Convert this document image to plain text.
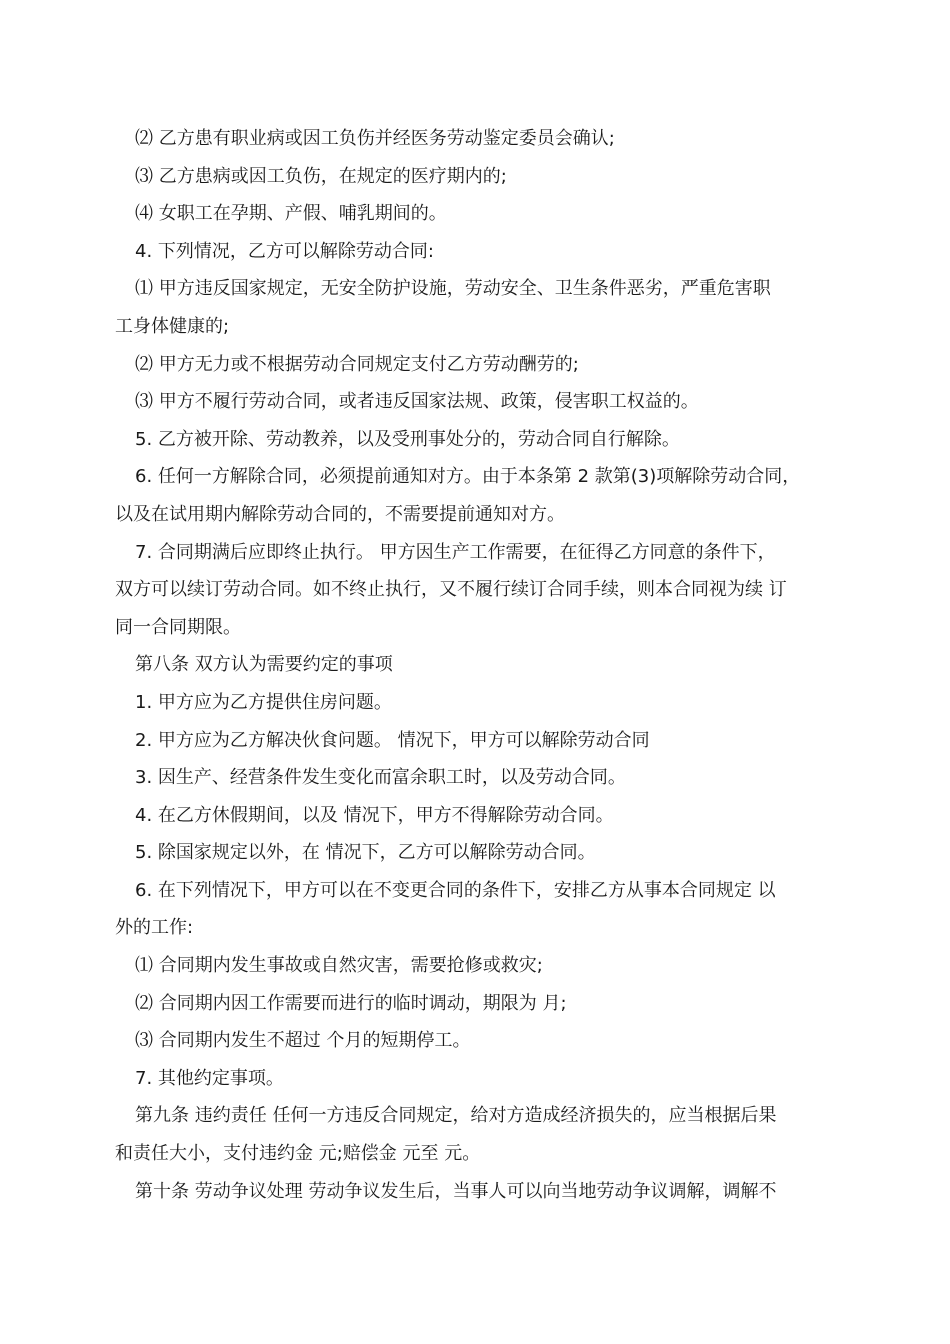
⑵ 乙方患有职业病或因工负伤并经医务劳动鉴定委员会确认;
⑶ 乙方患病或因工负伤，在规定的医疗期内的;
⑷ 女职工在孕期、产假、哺乳期间的。
4. 下列情况，乙方可以解除劳动合同:
⑴ 甲方违反国家规定，无安全防护设施，劳动安全、卫生条件恶劣，严重危害职
工身体健康的;
⑵ 甲方无力或不根据劳动合同规定支付乙方劳动酬劳的;
⑶ 甲方不履行劳动合同，或者违反国家法规、政策，侵害职工权益的。
5. 乙方被开除、劳动教养，以及受刑事处分的，劳动合同自行解除。
6. 任何一方解除合同，必须提前通知对方。由于本条第 2 款第(3)项解除劳动合同，
以及在试用期内解除劳动合同的，不需要提前通知对方。
7. 合同期满后应即终止执行。 甲方因生产工作需要，在征得乙方同意的条件下，
双方可以续订劳动合同。如不终止执行，又不履行续订合同手续，则本合同视为续 订
同一合同期限。
第八条 双方认为需要约定的事项
1. 甲方应为乙方提供住房问题。
2. 甲方应为乙方解决伙食问题。 情况下，甲方可以解除劳动合同
3. 因生产、经营条件发生变化而富余职工时，以及劳动合同。
4. 在乙方休假期间，以及 情况下，甲方不得解除劳动合同。
5. 除国家规定以外，在 情况下，乙方可以解除劳动合同。
6. 在下列情况下，甲方可以在不变更合同的条件下，安排乙方从事本合同规定 以
外的工作:
⑴ 合同期内发生事故或自然灾害，需要抢修或救灾;
⑵ 合同期内因工作需要而进行的临时调动，期限为 月;
⑶ 合同期内发生不超过 个月的短期停工。
7. 其他约定事项。
第九条 违约责任 任何一方违反合同规定，给对方造成经济损失的，应当根据后果
和责任大小，支付违约金 元;赔偿金 元至 元。
第十条 劳动争议处理 劳动争议发生后，当事人可以向当地劳动争议调解，调解不
